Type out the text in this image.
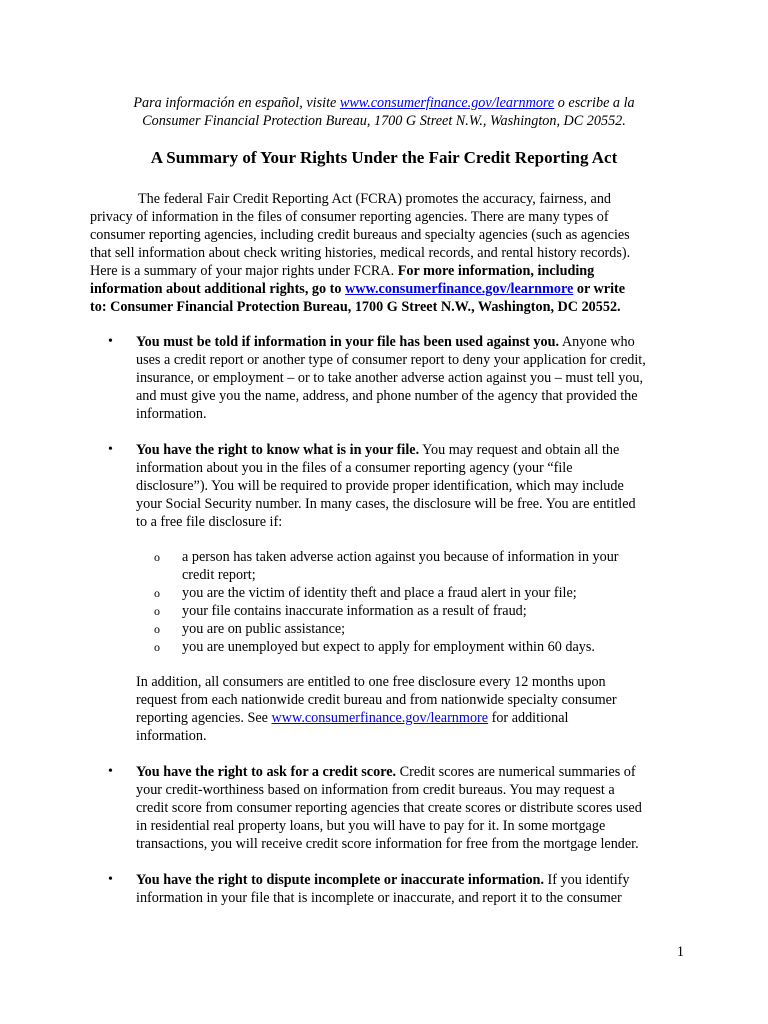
Para información en español, visite www.consumerfinance.gov/learnmore o escribe a la
Consumer Financial Protection Bureau, 1700 G Street N.W., Washington, DC 20552.
A Summary of Your Rights Under the Fair Credit Reporting Act
The federal Fair Credit Reporting Act (FCRA) promotes the accuracy, fairness, and
privacy of information in the files of consumer reporting agencies. There are many types of
consumer reporting agencies, including credit bureaus and specialty agencies (such as agencies
that sell information about check writing histories, medical records, and rental history records).
Here is a summary of your major rights under FCRA. For more information, including
information about additional rights, go to www.consumerfinance.gov/learnmore or write
to: Consumer Financial Protection Bureau, 1700 G Street N.W., Washington, DC 20552.
•	You must be told if information in your file has been used against you. Anyone who
uses a credit report or another type of consumer report to deny your application for credit,
insurance, or employment – or to take another adverse action against you – must tell you,
and must give you the name, address, and phone number of the agency that provided the
information.
•	You have the right to know what is in your file. You may request and obtain all the
information about you in the files of a consumer reporting agency (your “file
disclosure”). You will be required to provide proper identification, which may include
your Social Security number. In many cases, the disclosure will be free. You are entitled
to a free file disclosure if:
o	a person has taken adverse action against you because of information in your
credit report;
o	you are the victim of identity theft and place a fraud alert in your file;
o	your file contains inaccurate information as a result of fraud;
o	you are on public assistance;
o	you are unemployed but expect to apply for employment within 60 days.
In addition, all consumers are entitled to one free disclosure every 12 months upon
request from each nationwide credit bureau and from nationwide specialty consumer
reporting agencies. See www.consumerfinance.gov/learnmore for additional
information.
•	You have the right to ask for a credit score. Credit scores are numerical summaries of
your credit-worthiness based on information from credit bureaus. You may request a
credit score from consumer reporting agencies that create scores or distribute scores used
in residential real property loans, but you will have to pay for it. In some mortgage
transactions, you will receive credit score information for free from the mortgage lender.
•	You have the right to dispute incomplete or inaccurate information. If you identify
information in your file that is incomplete or inaccurate, and report it to the consumer
1
